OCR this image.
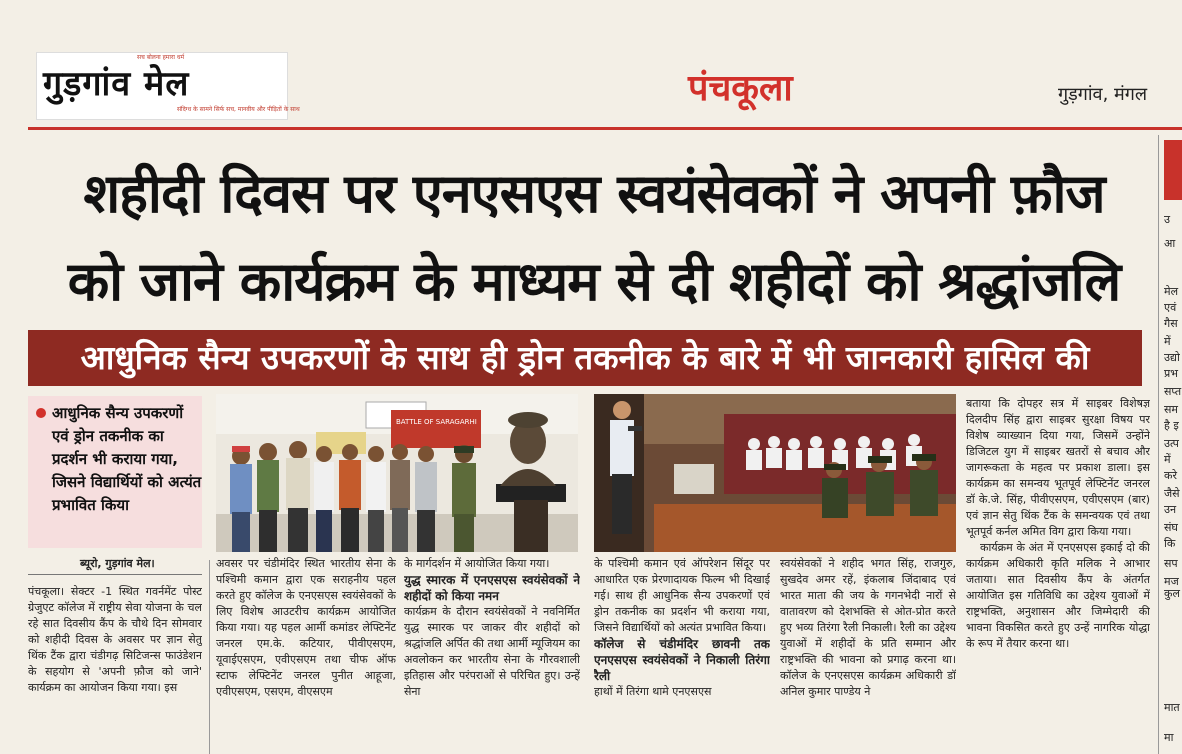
सच बोलना हमारा धर्म
गुड़गांव मेल
संदिग्ध के सामने सिर्फ सच, मानवीय और पीड़ितों के साथ
पंचकूला	गुड़गांव, मंगल
उ
आ
मेल
एवं
गैस
में
उद्यो
प्रभ
सप्त
सम
है इ
उत्प
में
करे
जैसे
उन
संघ
कि
सप
मज
कुल
मात
मा
शहीदी दिवस पर एनएसएस स्वयंसेवकों ने अपनी फ़ौज
को जाने कार्यक्रम के माध्यम से दी शहीदों को श्रद्धांजलि
आधुनिक सैन्य उपकरणों के साथ ही ड्रोन तकनीक के बारे में भी जानकारी हासिल की
आधुनिक सैन्य उपकरणों एवं ड्रोन तकनीक का प्रदर्शन भी कराया गया, जिसने विद्यार्थियों को अत्यंत प्रभावित किया
ब्यूरो, गुड़गांव मेल।
BATTLE OF SARAGARHI

पंचकूला। सेक्टर -1 स्थित गवर्नमेंट पोस्ट ग्रेजुएट कॉलेज में राष्ट्रीय सेवा योजना के चल रहे सात दिवसीय कैंप के चौथे दिन सोमवार को शहीदी दिवस के अवसर पर ज्ञान सेतु थिंक टैंक द्वारा चंडीगढ़ सिटिजन्स फाउंडेशन के सहयोग से 'अपनी फ़ौज को जाने' कार्यक्रम का आयोजन किया गया। इस

अवसर पर चंडीमंदिर स्थित भारतीय सेना के पश्चिमी कमान द्वारा एक सराहनीय पहल करते हुए कॉलेज के एनएसएस स्वयंसेवकों के लिए विशेष आउटरीच कार्यक्रम आयोजित किया गया। यह पहल आर्मी कमांडर लेफ्टिनेंट जनरल एम.के. कटियार, पीवीएसएम, यूवाईएसएम, एवीएसएम तथा चीफ ऑफ स्टाफ लेफ्टिनेंट जनरल पुनीत आहूजा, एवीएसएम, एसएम, वीएसएम

के मार्गदर्शन में आयोजित किया गया।

युद्ध स्मारक में एनएसएस स्वयंसेवकों ने शहीदों को किया नमन

कार्यक्रम के दौरान स्वयंसेवकों ने नवनिर्मित युद्ध स्मारक पर जाकर वीर शहीदों को श्रद्धांजलि अर्पित की तथा आर्मी म्यूजियम का अवलोकन कर भारतीय सेना के गौरवशाली इतिहास और परंपराओं से परिचित हुए। उन्हें सेना

के पश्चिमी कमान एवं ऑपरेशन सिंदूर पर आधारित एक प्रेरणादायक फिल्म भी दिखाई गई। साथ ही आधुनिक सैन्य उपकरणों एवं ड्रोन तकनीक का प्रदर्शन भी कराया गया, जिसने विद्यार्थियों को अत्यंत प्रभावित किया।

कॉलेज से चंडीमंदिर छावनी तक एनएसएस स्वयंसेवकों ने निकाली तिरंगा रैली

हाथों में तिरंगा थामे एनएसएस

स्वयंसेवकों ने शहीद भगत सिंह, राजगुरु, सुखदेव अमर रहें, इंकलाब जिंदाबाद एवं भारत माता की जय के गगनभेदी नारों से वातावरण को देशभक्ति से ओत-प्रोत करते हुए भव्य तिरंगा रैली निकाली। रैली का उद्देश्य युवाओं में शहीदों के प्रति सम्मान और राष्ट्रभक्ति की भावना को प्रगाढ़ करना था। कॉलेज के एनएसएस कार्यक्रम अधिकारी डॉ अनिल कुमार पाण्डेय ने

बताया कि दोपहर सत्र में साइबर विशेषज्ञ दिलदीप सिंह द्वारा साइबर सुरक्षा विषय पर विशेष व्याख्यान दिया गया, जिसमें उन्होंने डिजिटल युग में साइबर खतरों से बचाव और जागरूकता के महत्व पर प्रकाश डाला। इस कार्यक्रम का समन्वय भूतपूर्व लेफ्टिनेंट जनरल डॉ के.जे. सिंह, पीवीएसएम, एवीएसएम (बार) एवं ज्ञान सेतु थिंक टैंक के समन्वयक एवं तथा भूतपूर्व कर्नल अमित विग द्वारा किया गया।

कार्यक्रम के अंत में एनएसएस इकाई दो की कार्यक्रम अधिकारी कृति मलिक ने आभार जताया। सात दिवसीय कैंप के अंतर्गत आयोजित इस गतिविधि का उद्देश्य युवाओं में राष्ट्रभक्ति, अनुशासन और जिम्मेदारी की भावना विकसित करते हुए उन्हें नागरिक योद्धा के रूप में तैयार करना था।
